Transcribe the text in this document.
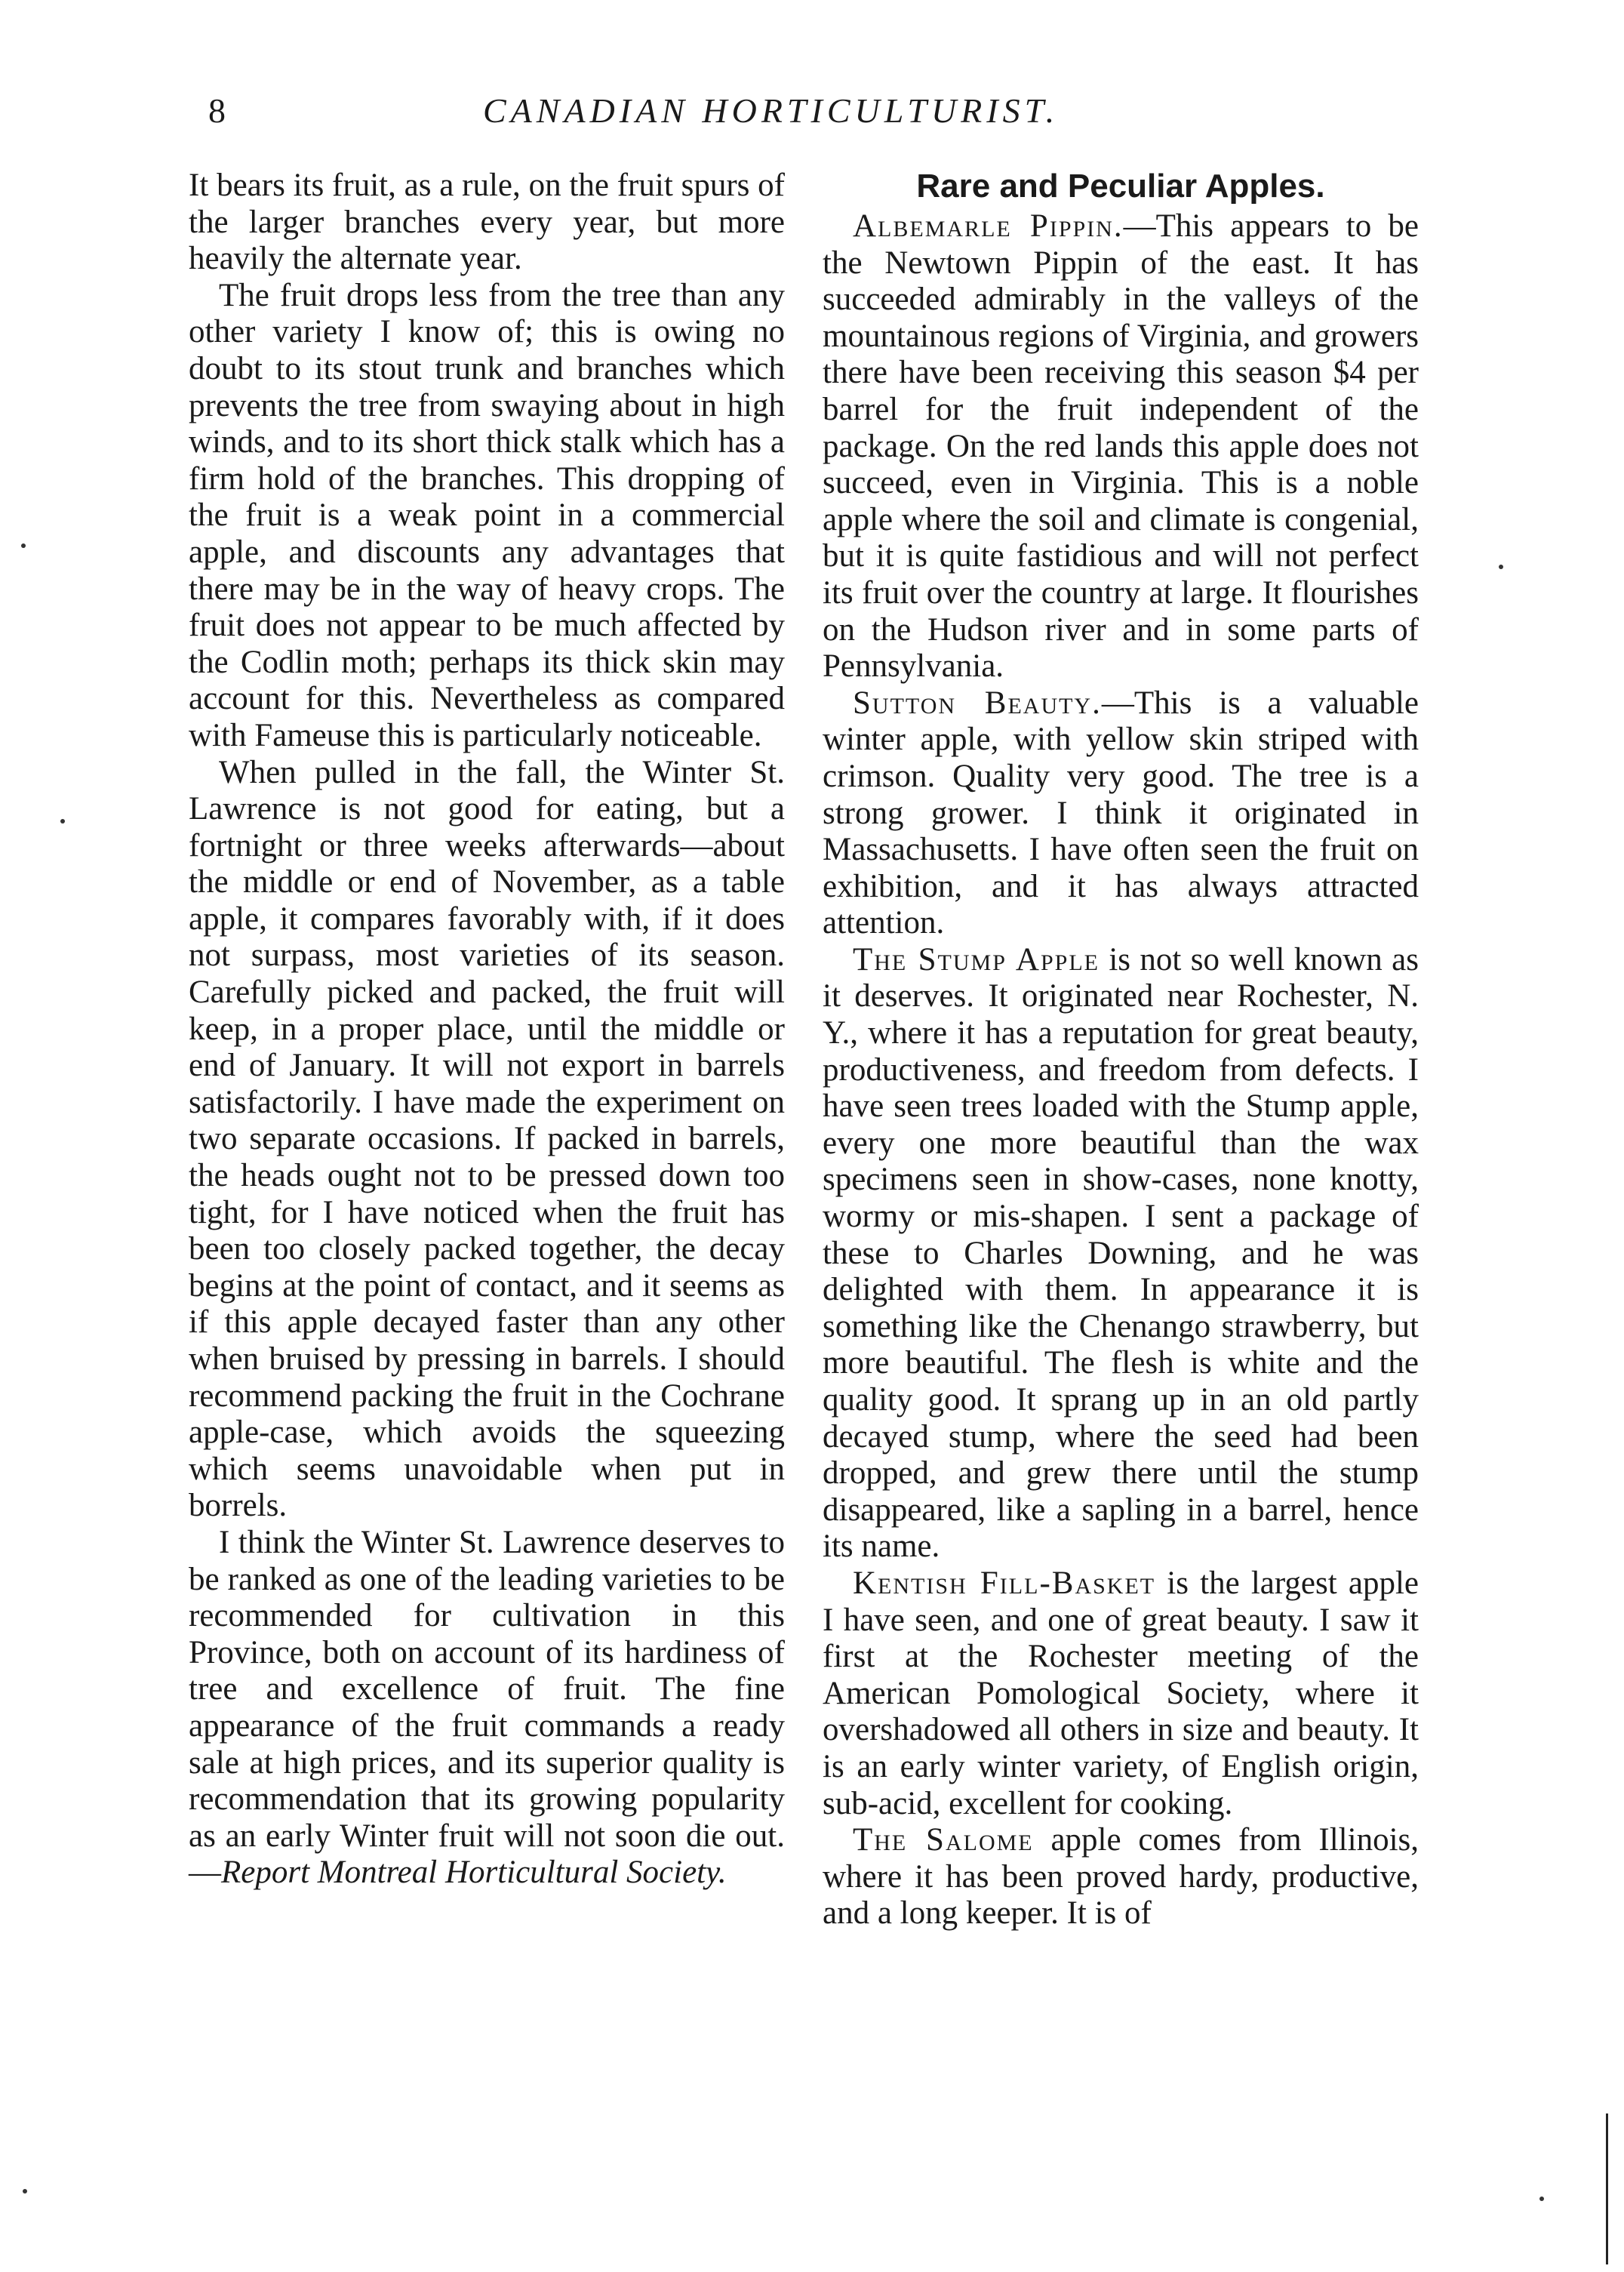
8	CANADIAN HORTICULTURIST.

It bears its fruit, as a rule, on the fruit spurs of the larger branches every year, but more heavily the alternate year.

The fruit drops less from the tree than any other variety I know of; this is owing no doubt to its stout trunk and branches which prevents the tree from swaying about in high winds, and to its short thick stalk which has a firm hold of the branches. This dropping of the fruit is a weak point in a commercial apple, and discounts any advantages that there may be in the way of heavy crops. The fruit does not appear to be much affected by the Codlin moth; perhaps its thick skin may account for this. Nevertheless as compared with Fameuse this is particularly noticeable.

When pulled in the fall, the Winter St. Lawrence is not good for eating, but a fortnight or three weeks afterwards—about the middle or end of November, as a table apple, it compares favorably with, if it does not surpass, most varieties of its season. Carefully picked and packed, the fruit will keep, in a proper place, until the middle or end of January. It will not export in barrels satisfactorily. I have made the experiment on two separate occasions. If packed in barrels, the heads ought not to be pressed down too tight, for I have noticed when the fruit has been too closely packed together, the decay begins at the point of contact, and it seems as if this apple decayed faster than any other when bruised by pressing in barrels. I should recommend packing the fruit in the Cochrane apple-case, which avoids the squeezing which seems unavoidable when put in borrels.

I think the Winter St. Lawrence deserves to be ranked as one of the leading varieties to be recommended for cultivation in this Province, both on account of its hardiness of tree and excellence of fruit. The fine appearance of the fruit commands a ready sale at high prices, and its superior quality is recommendation that its growing popularity as an early Winter fruit will not soon die out.—Report Montreal Horticultural Society.

Rare and Peculiar Apples.

Albemarle Pippin.—This appears to be the Newtown Pippin of the east. It has succeeded admirably in the valleys of the mountainous regions of Virginia, and growers there have been receiving this season $4 per barrel for the fruit independent of the package. On the red lands this apple does not succeed, even in Virginia. This is a noble apple where the soil and climate is congenial, but it is quite fastidious and will not perfect its fruit over the country at large. It flourishes on the Hudson river and in some parts of Pennsylvania.

Sutton Beauty.—This is a valuable winter apple, with yellow skin striped with crimson. Quality very good. The tree is a strong grower. I think it originated in Massachusetts. I have often seen the fruit on exhibition, and it has always attracted attention.

The Stump Apple is not so well known as it deserves. It originated near Rochester, N. Y., where it has a reputation for great beauty, productiveness, and freedom from defects. I have seen trees loaded with the Stump apple, every one more beautiful than the wax specimens seen in show-cases, none knotty, wormy or mis-shapen. I sent a package of these to Charles Downing, and he was delighted with them. In appearance it is something like the Chenango strawberry, but more beautiful. The flesh is white and the quality good. It sprang up in an old partly decayed stump, where the seed had been dropped, and grew there until the stump disappeared, like a sapling in a barrel, hence its name.

Kentish Fill-Basket is the largest apple I have seen, and one of great beauty. I saw it first at the Rochester meeting of the American Pomological Society, where it overshadowed all others in size and beauty. It is an early winter variety, of English origin, sub-acid, excellent for cooking.

The Salome apple comes from Illinois, where it has been proved hardy, productive, and a long keeper. It is of
